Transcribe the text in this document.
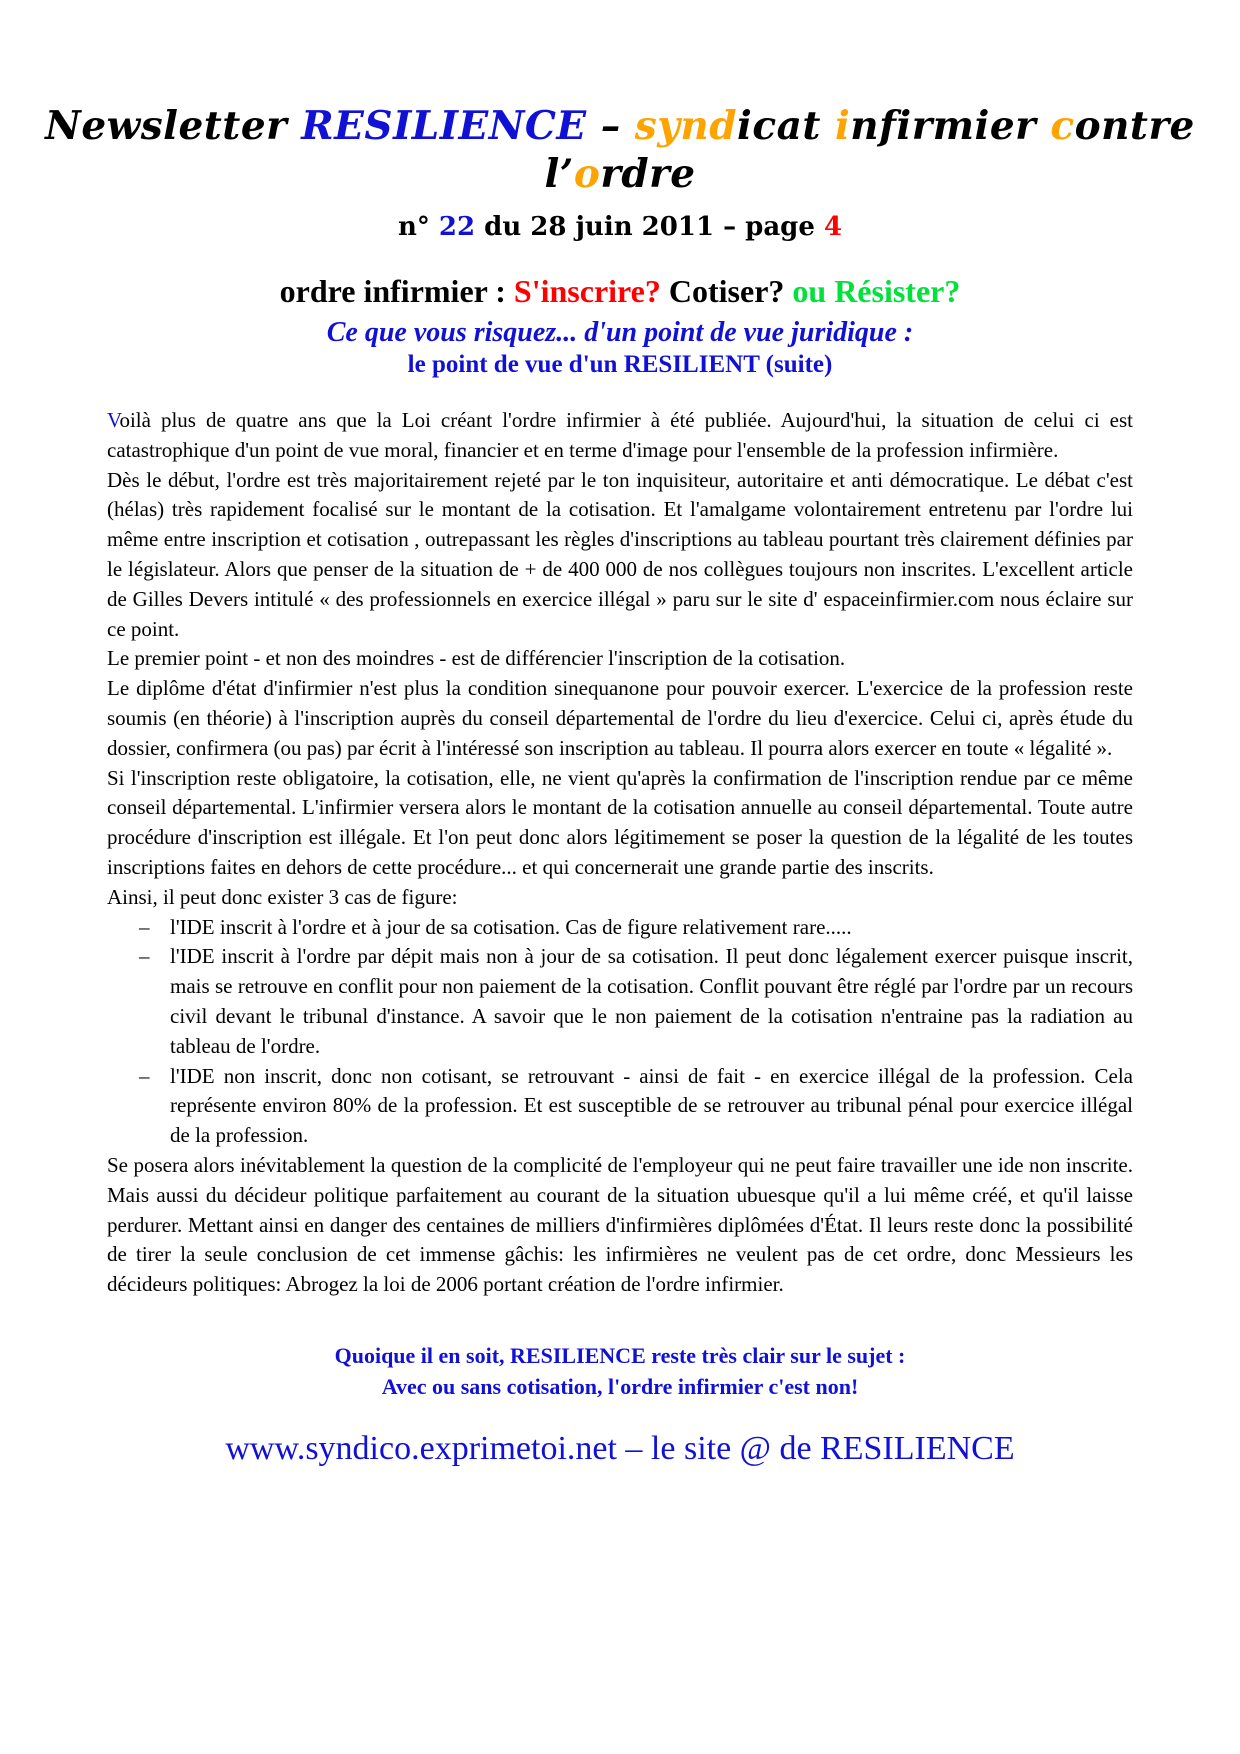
Newsletter RESILIENCE – syndicat infirmier contre l’ordre
n° 22 du 28 juin 2011 – page 4
ordre infirmier : S'inscrire? Cotiser? ou Résister?
Ce que vous risquez... d'un point de vue juridique :
le point de vue d'un RESILIENT (suite)

Voilà plus de quatre ans que la Loi créant l'ordre infirmier à été publiée. Aujourd'hui, la situation de celui ci est catastrophique d'un point de vue moral, financier et en terme d'image pour l'ensemble de la profession infirmière.

Dès le début, l'ordre est très majoritairement rejeté par le ton inquisiteur, autoritaire et anti démocratique. Le débat c'est (hélas) très rapidement focalisé sur le montant de la cotisation. Et l'amalgame volontairement entretenu par l'ordre lui même entre inscription et cotisation , outrepassant les règles d'inscriptions au tableau pourtant très clairement définies par le législateur. Alors que penser de la situation de + de 400 000 de nos collègues toujours non inscrites. L'excellent article de Gilles Devers intitulé « des professionnels en exercice illégal » paru sur le site d' espaceinfirmier.com nous éclaire sur ce point.

Le premier point - et non des moindres - est de différencier l'inscription de la cotisation.

Le diplôme d'état d'infirmier n'est plus la condition sinequanone pour pouvoir exercer. L'exercice de la profession reste soumis (en théorie) à l'inscription auprès du conseil départemental de l'ordre du lieu d'exercice. Celui ci, après étude du dossier, confirmera (ou pas) par écrit à l'intéressé son inscription au tableau. Il pourra alors exercer en toute « légalité ».

Si l'inscription reste obligatoire, la cotisation, elle, ne vient qu'après la confirmation de l'inscription rendue par ce même conseil départemental. L'infirmier versera alors le montant de la cotisation annuelle au conseil départemental. Toute autre procédure d'inscription est illégale. Et l'on peut donc alors légitimement se poser la question de la légalité de les toutes inscriptions faites en dehors de cette procédure... et qui concernerait une grande partie des inscrits.

Ainsi, il peut donc exister 3 cas de figure:

– l'IDE inscrit à l'ordre et à jour de sa cotisation. Cas de figure relativement rare.....
– l'IDE inscrit à l'ordre par dépit mais non à jour de sa cotisation. Il peut donc légalement exercer puisque inscrit, mais se retrouve en conflit pour non paiement de la cotisation. Conflit pouvant être réglé par l'ordre par un recours civil devant le tribunal d'instance. A savoir que le non paiement de la cotisation n'entraine pas la radiation au tableau de l'ordre.
– l'IDE non inscrit, donc non cotisant, se retrouvant - ainsi de fait - en exercice illégal de la profession. Cela représente environ 80% de la profession. Et est susceptible de se retrouver au tribunal pénal pour exercice illégal de la profession.

Se posera alors inévitablement la question de la complicité de l'employeur qui ne peut faire travailler une ide non inscrite. Mais aussi du décideur politique parfaitement au courant de la situation ubuesque qu'il a lui même créé, et qu'il laisse perdurer. Mettant ainsi en danger des centaines de milliers d'infirmières diplômées d'État. Il leurs reste donc la possibilité de tirer la seule conclusion de cet immense gâchis: les infirmières ne veulent pas de cet ordre, donc Messieurs les décideurs politiques: Abrogez la loi de 2006 portant création de l'ordre infirmier.

Quoique il en soit, RESILIENCE reste très clair sur le sujet :
Avec ou sans cotisation, l'ordre infirmier c'est non!
www.syndico.exprimetoi.net – le site @ de RESILIENCE
